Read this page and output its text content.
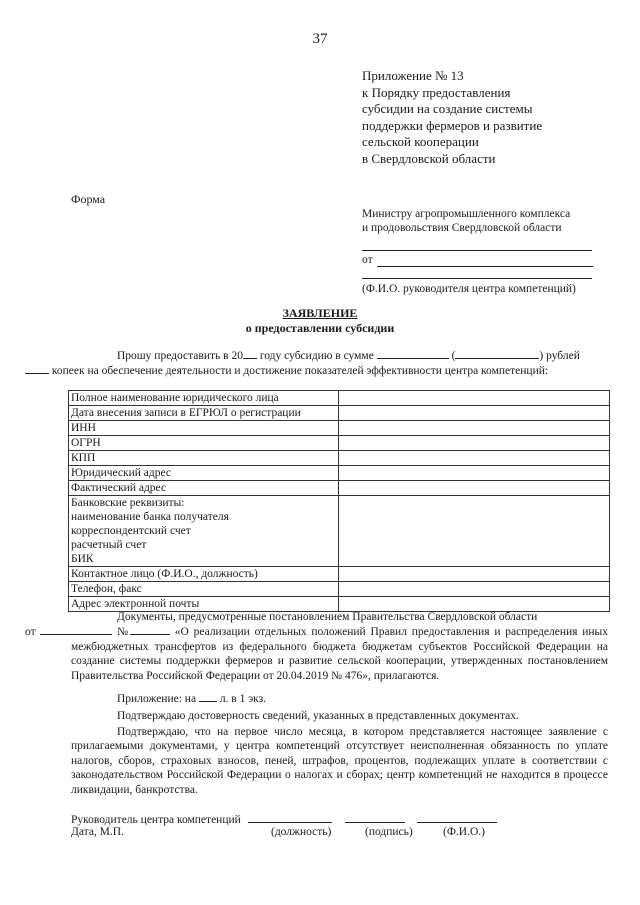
37
Приложение № 13
к Порядку предоставления
субсидии на создание системы
поддержки фермеров и развитие
сельской кооперации
в Свердловской области
Форма
Министру агропромышленного комплекса
и продовольствия Свердловской области
от
(Ф.И.О. руководителя центра компетенций)
ЗАЯВЛЕНИЕ
о предоставлении субсидии
Прошу предоставить в 20 году субсидию в сумме	(	) рублей
копеек на обеспечение деятельности и достижение показателей эффективности центра компетенций:
Полное наименование юридического лица	
Дата внесения записи в ЕГРЮЛ о регистрации	
ИНН	
ОГРН	
КПП	
Юридический адрес	
Фактический адрес	

Банковские реквизиты:
наименование банка получателя
корреспондентский счет
расчетный счет
БИК	

Контактное лицо (Ф.И.О., должность)	
Телефон, факс	
Адрес электронной почты	
Документы, предусмотренные постановлением Правительства Свердловской области
от	№	«О реализации отдельных положений Правил предоставления и распределения иных межбюджетных трансфертов из федерального бюджета бюджетам субъектов Российской Федерации на создание системы поддержки фермеров и развитие сельской кооперации, утвержденных постановлением Правительства Российской Федерации от 20.04.2019 № 476», прилагаются.
Приложение: на л. в 1 экз.
Подтверждаю достоверность сведений, указанных в представленных документах.
Подтверждаю, что на первое число месяца, в котором представляется настоящее заявление с прилагаемыми документами, у центра компетенций отсутствует неисполненная обязанность по уплате налогов, сборов, страховых взносов, пеней, штрафов, процентов, подлежащих уплате в соответствии с законодательством Российской Федерации о налогах и сборах; центр компетенций не находится в процессе ликвидации, банкротства.
Руководитель центра компетенций
Дата, М.П.	(должность)	(подпись)	(Ф.И.О.)
